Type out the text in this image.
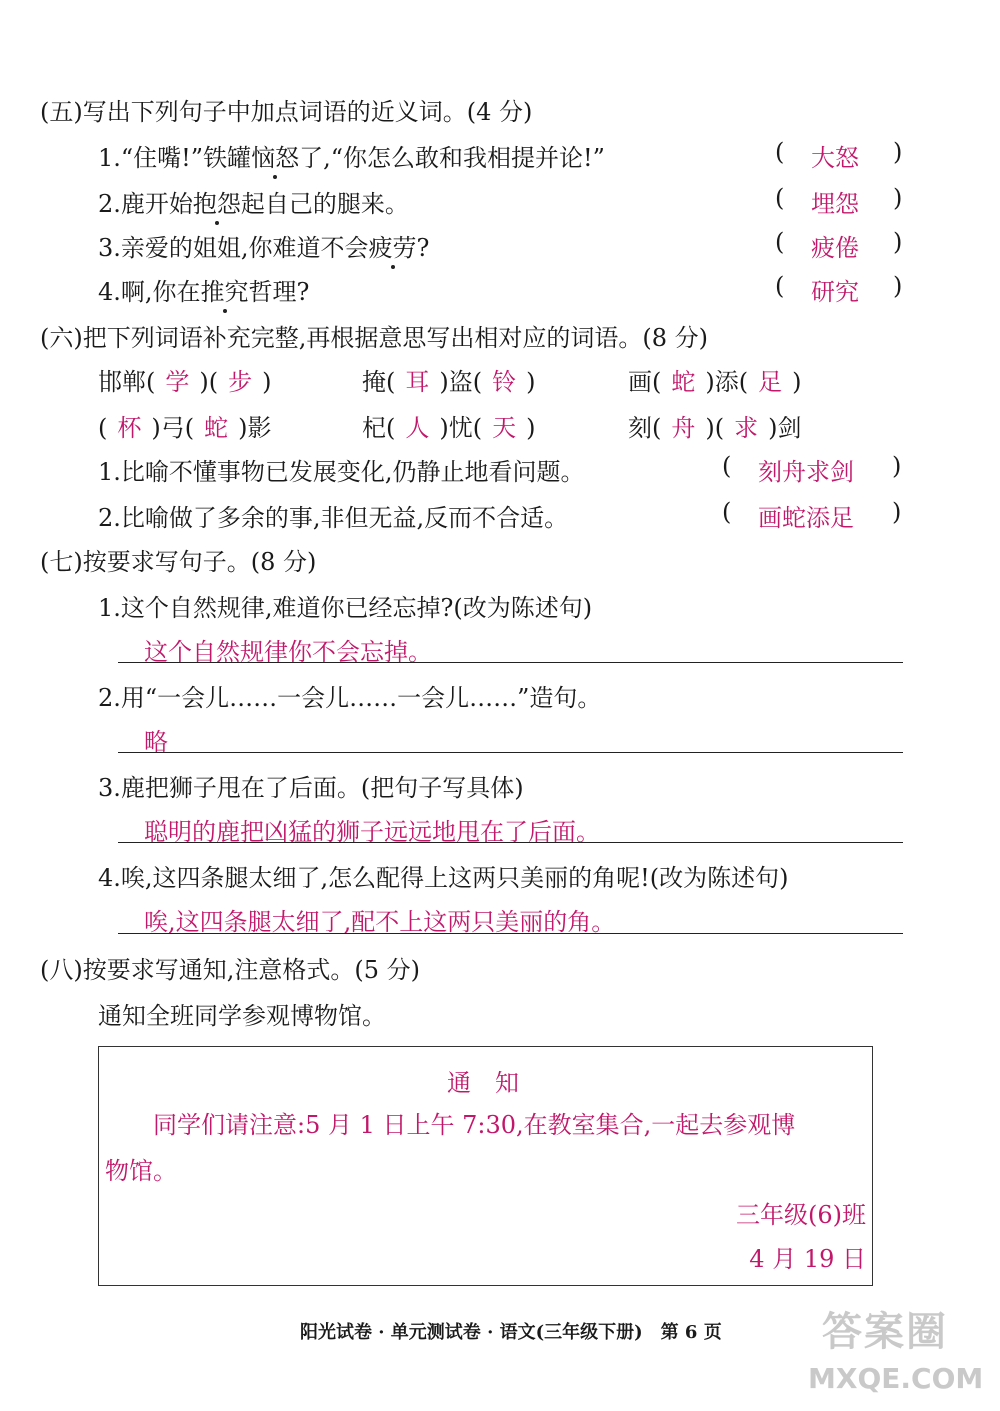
(五)写出下列句子中加点词语的近义词。(4 分)
1.“住嘴!”铁罐恼怒了,“你怎么敢和我相提并论!”	( 大怒 )
2.鹿开始抱怨起自己的腿来。	( 埋怨 )
3.亲爱的姐姐,你难道不会疲劳?	( 疲倦 )
4.啊,你在推究哲理?	( 研究 )
(六)把下列词语补充完整,再根据意思写出相对应的词语。(8 分)
邯郸( 学 )( 步 )	掩( 耳 )盗( 铃 )	画( 蛇 )添( 足 )
( 杯 )弓( 蛇 )影	杞( 人 )忧( 天 )	刻( 舟 )( 求 )剑
1.比喻不懂事物已发展变化,仍静止地看问题。	( 刻舟求剑 )
2.比喻做了多余的事,非但无益,反而不合适。	( 画蛇添足 )
(七)按要求写句子。(8 分)
1.这个自然规律,难道你已经忘掉?(改为陈述句)
这个自然规律你不会忘掉。
2.用“一会儿……一会儿……一会儿……”造句。
略
3.鹿把狮子甩在了后面。(把句子写具体)
聪明的鹿把凶猛的狮子远远地甩在了后面。
4.唉,这四条腿太细了,怎么配得上这两只美丽的角呢!(改为陈述句)
唉,这四条腿太细了,配不上这两只美丽的角。
(八)按要求写通知,注意格式。(5 分)
通知全班同学参观博物馆。
通　知
同学们请注意:5 月 1 日上午 7:30,在教室集合,一起去参观博
物馆。
三年级(6)班
4 月 19 日
阳光试卷 · 单元测试卷 · 语文(三年级下册)　第 6 页	答案圈
MXQE.COM
